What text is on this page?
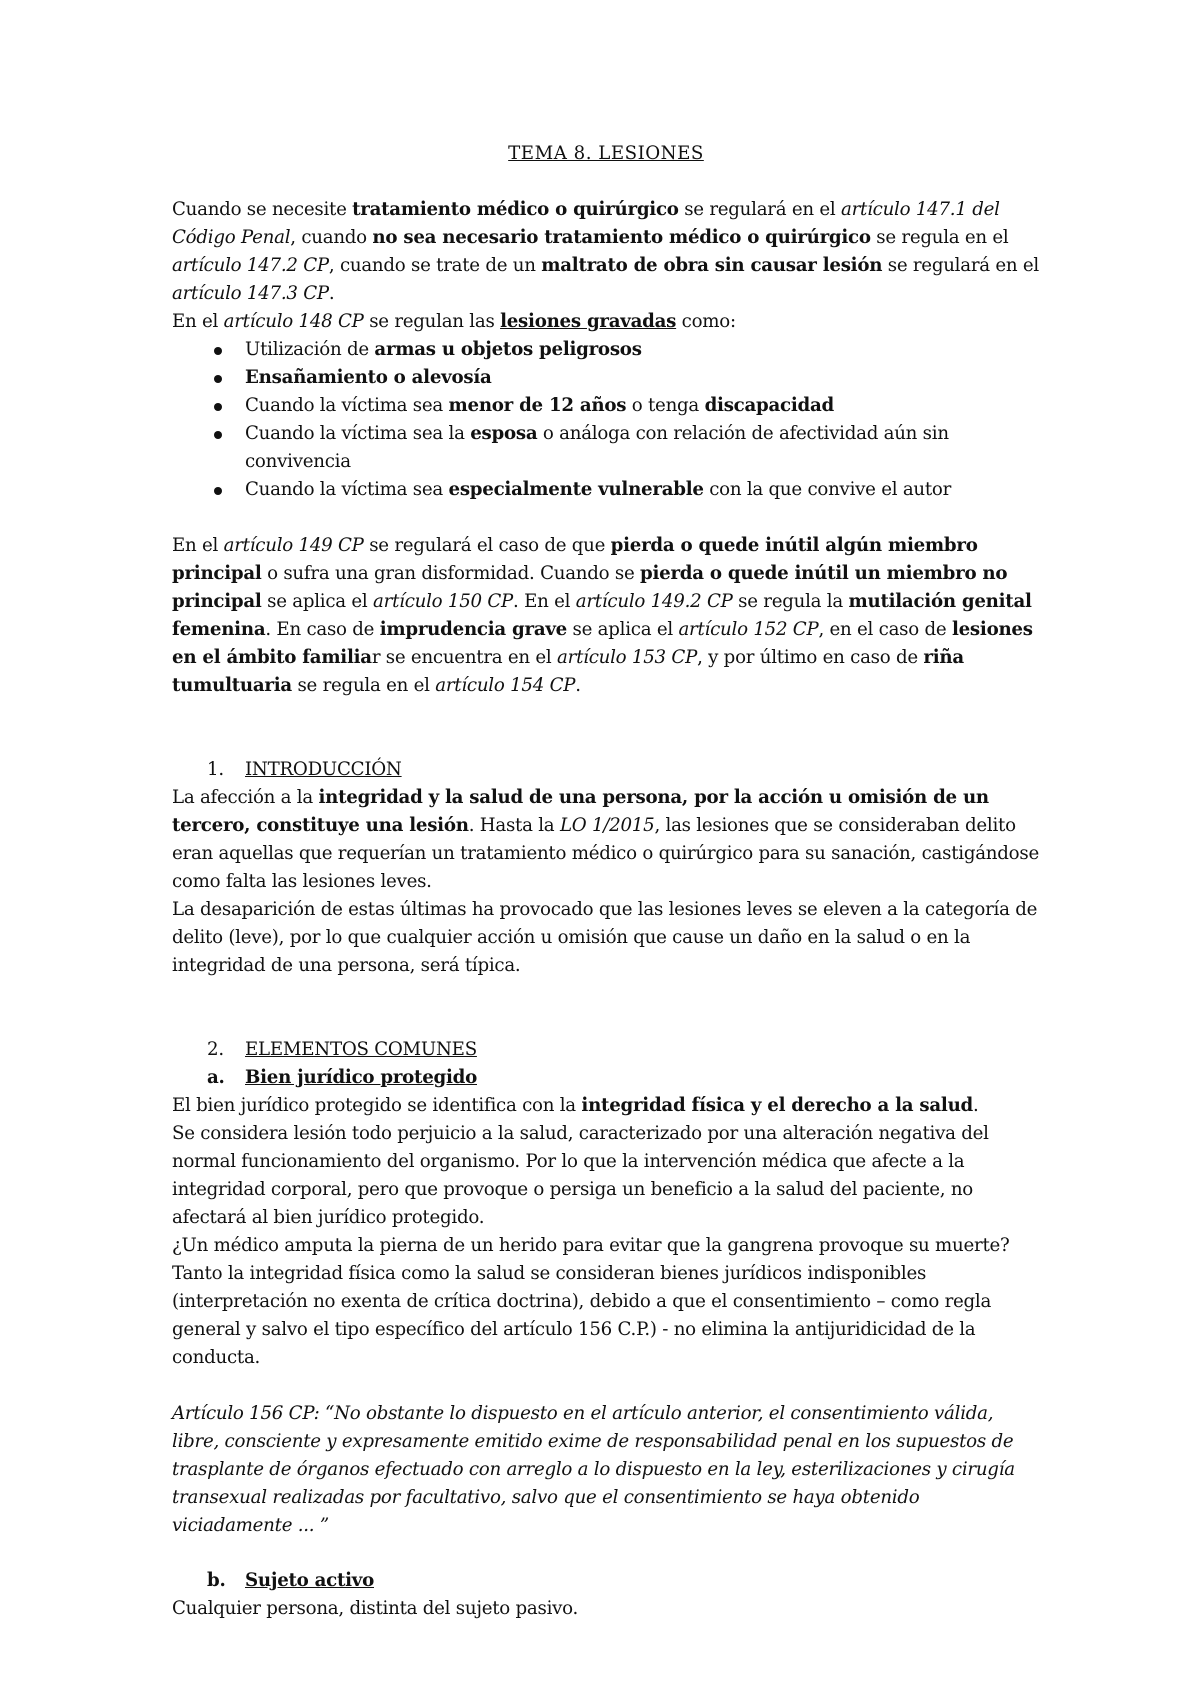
TEMA 8. LESIONES

Cuando se necesite tratamiento médico o quirúrgico se regulará en el artículo 147.1 del Código Penal, cuando no sea necesario tratamiento médico o quirúrgico se regula en el artículo 147.2 CP, cuando se trate de un maltrato de obra sin causar lesión se regulará en el artículo 147.3 CP.

En el artículo 148 CP se regulan las lesiones gravadas como:

Utilización de armas u objetos peligrosos
Ensañamiento o alevosía
Cuando la víctima sea menor de 12 años o tenga discapacidad
Cuando la víctima sea la esposa o análoga con relación de afectividad aún sin convivencia
Cuando la víctima sea especialmente vulnerable con la que convive el autor

En el artículo 149 CP se regulará el caso de que pierda o quede inútil algún miembro principal o sufra una gran disformidad. Cuando se pierda o quede inútil un miembro no principal se aplica el artículo 150 CP. En el artículo 149.2 CP se regula la mutilación genital femenina. En caso de imprudencia grave se aplica el artículo 152 CP, en el caso de lesiones en el ámbito familiar se encuentra en el artículo 153 CP, y por último en caso de riña tumultuaria se regula en el artículo 154 CP.

1. INTRODUCCIÓN

La afección a la integridad y la salud de una persona, por la acción u omisión de un tercero, constituye una lesión. Hasta la LO 1/2015, las lesiones que se consideraban delito eran aquellas que requerían un tratamiento médico o quirúrgico para su sanación, castigándose como falta las lesiones leves.

La desaparición de estas últimas ha provocado que las lesiones leves se eleven a la categoría de delito (leve), por lo que cualquier acción u omisión que cause un daño en la salud o en la integridad de una persona, será típica.

2. ELEMENTOS COMUNES
a. Bien jurídico protegido

El bien jurídico protegido se identifica con la integridad física y el derecho a la salud.

Se considera lesión todo perjuicio a la salud, caracterizado por una alteración negativa del normal funcionamiento del organismo. Por lo que la intervención médica que afecte a la integridad corporal, pero que provoque o persiga un beneficio a la salud del paciente, no afectará al bien jurídico protegido.

¿Un médico amputa la pierna de un herido para evitar que la gangrena provoque su muerte?

Tanto la integridad física como la salud se consideran bienes jurídicos indisponibles (interpretación no exenta de crítica doctrina), debido a que el consentimiento – como regla general y salvo el tipo específico del artículo 156 C.P.) - no elimina la antijuridicidad de la conducta.

Artículo 156 CP: “No obstante lo dispuesto en el artículo anterior, el consentimiento válida, libre, consciente y expresamente emitido exime de responsabilidad penal en los supuestos de trasplante de órganos efectuado con arreglo a lo dispuesto en la ley, esterilizaciones y cirugía transexual realizadas por facultativo, salvo que el consentimiento se haya obtenido viciadamente ... ”

b. Sujeto activo

Cualquier persona, distinta del sujeto pasivo.
